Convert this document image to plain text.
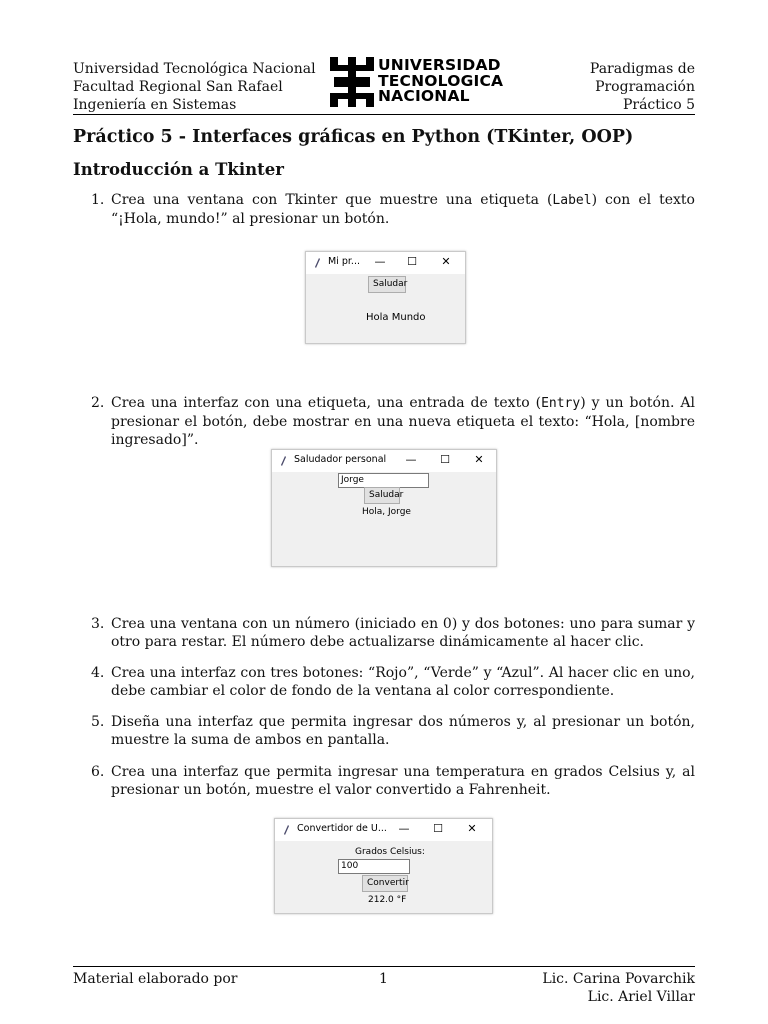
Universidad Tecnológica Nacional
Facultad Regional San Rafael
Ingeniería en Sistemas
UNIVERSIDAD
TECNOLOGICA
NACIONAL
Paradigmas de
Programación
Práctico 5
Práctico 5 - Interfaces gráficas en Python (TKinter, OOP)
Introducción a Tkinter
1. Crea una ventana con Tkinter que muestre una etiqueta (Label) con el texto “¡Hola, mundo!” al presionar un botón.
Mi pr... — ☐ ✕
Saludar
Hola Mundo
2. Crea una interfaz con una etiqueta, una entrada de texto (Entry) y un botón. Al presionar el botón, debe mostrar en una nueva etiqueta el texto: “Hola, [nombre ingresado]”.
Saludador personal — ☐ ✕
Jorge
Saludar
Hola, Jorge
3. Crea una ventana con un número (iniciado en 0) y dos botones: uno para sumar y otro para restar. El número debe actualizarse dinámicamente al hacer clic.
4. Crea una interfaz con tres botones: “Rojo”, “Verde” y “Azul”. Al hacer clic en uno, debe cambiar el color de fondo de la ventana al color correspondiente.
5. Diseña una interfaz que permita ingresar dos números y, al presionar un botón, muestre la suma de ambos en pantalla.
6. Crea una interfaz que permita ingresar una temperatura en grados Celsius y, al presionar un botón, muestre el valor convertido a Fahrenheit.
Convertidor de U... — ☐ ✕
Grados Celsius:
100
Convertir
212.0 °F
Material elaborado por	1	Lic. Carina Povarchik
Lic. Ariel Villar
